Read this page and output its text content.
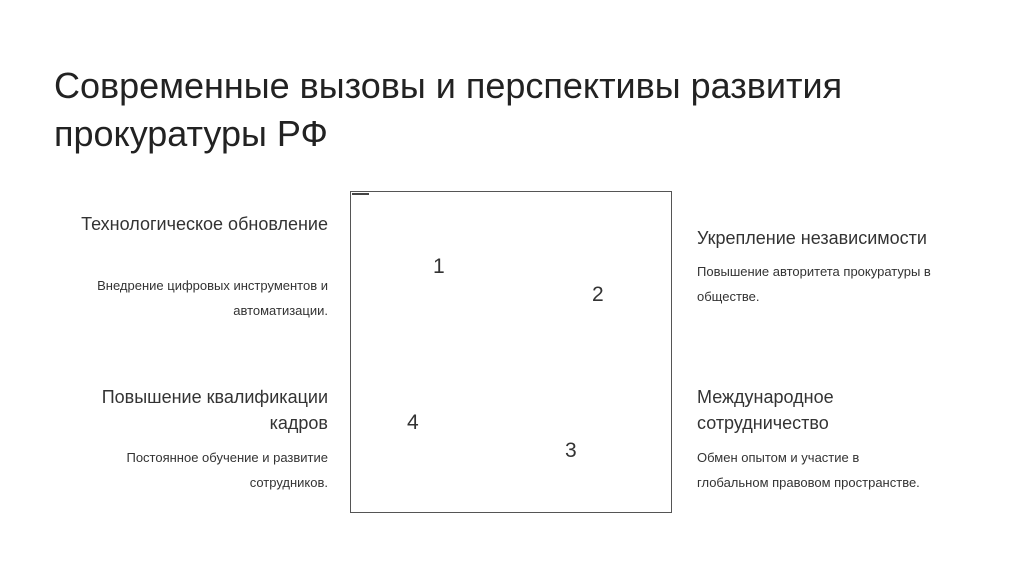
Современные вызовы и перспективы развития
прокуратуры РФ
Технологическое обновление
Внедрение цифровых инструментов и
автоматизации.
Повышение квалификации
кадров
Постоянное обучение и развитие
сотрудников.
Укрепление независимости
Повышение авторитета прокуратуры в
обществе.
Международное
сотрудничество
Обмен опытом и участие в
глобальном правовом пространстве.
1
2
3
4
